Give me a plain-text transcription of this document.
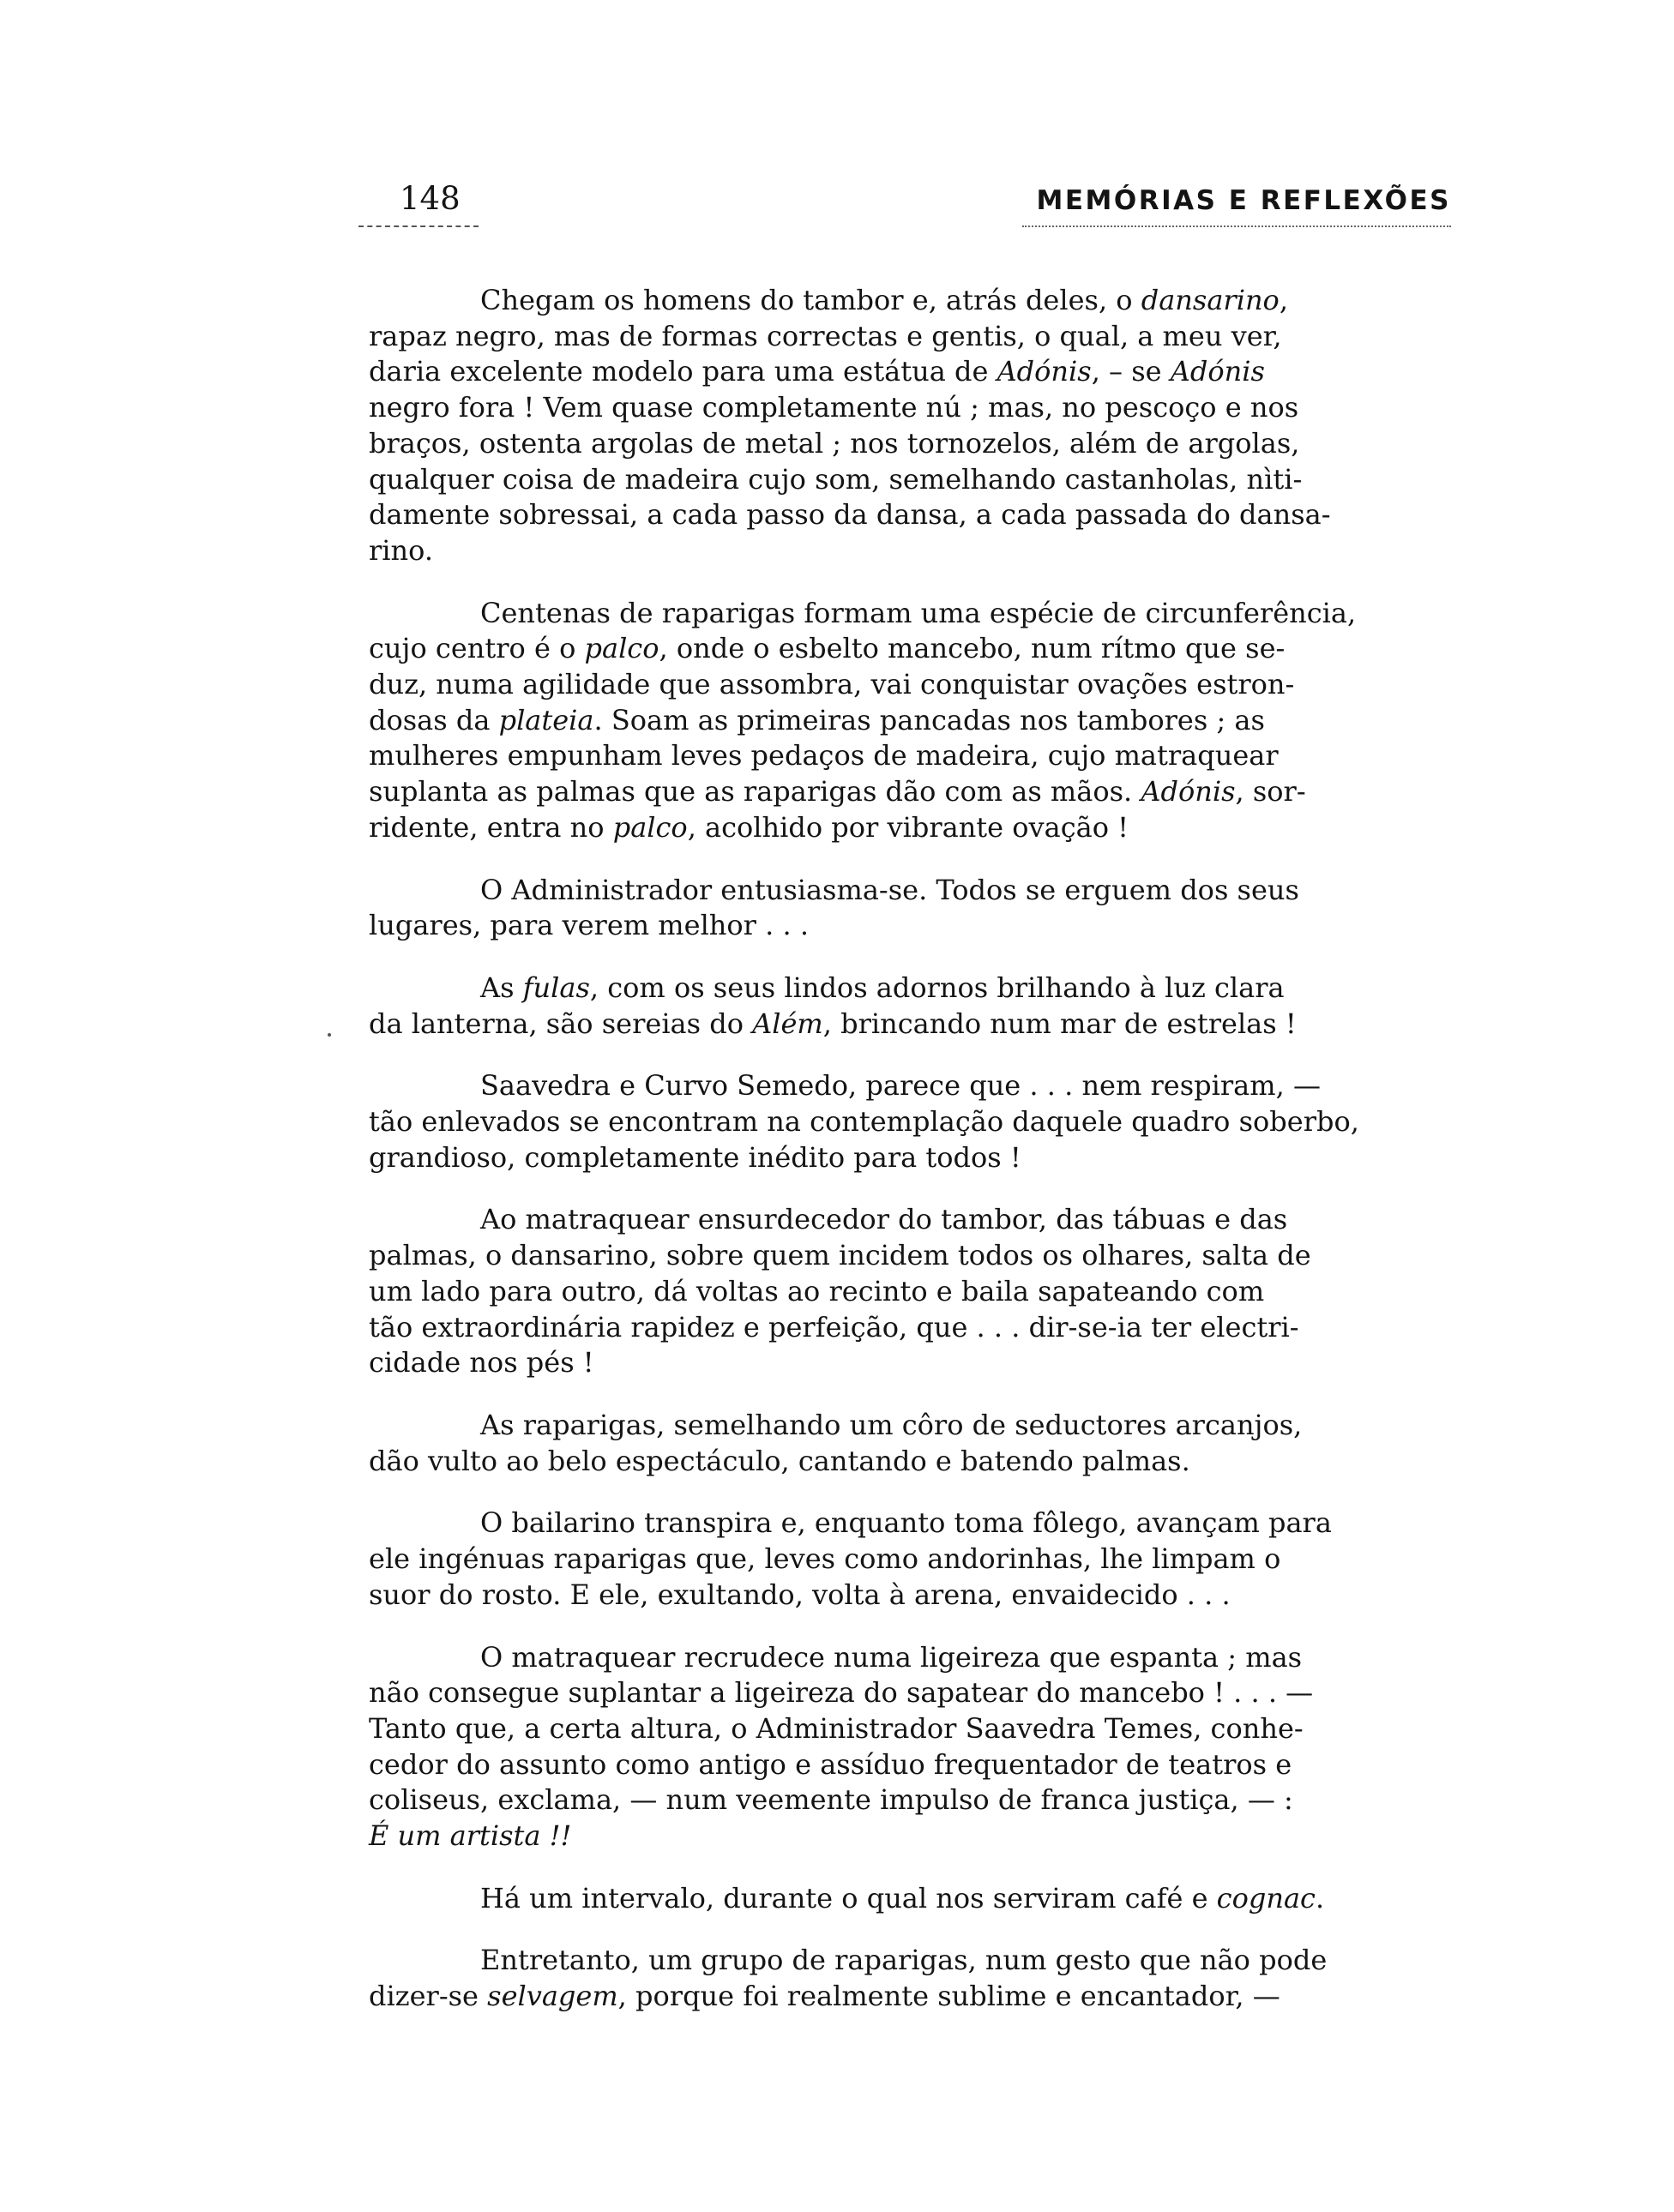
148	MEMÓRIAS E REFLEXÕES

Chegam os homens do tambor e, atrás deles, o dansarino,
rapaz negro, mas de formas correctas e gentis, o qual, a meu ver,
daria excelente modelo para uma estátua de Adónis, – se Adónis
negro fora ! Vem quase completamente nú ; mas, no pescoço e nos
braços, ostenta argolas de metal ; nos tornozelos, além de argolas,
qualquer coisa de madeira cujo som, semelhando castanholas, nìti-
damente sobressai, a cada passo da dansa, a cada passada do dansa-
rino.

Centenas de raparigas formam uma espécie de circunferência,
cujo centro é o palco, onde o esbelto mancebo, num rítmo que se-
duz, numa agilidade que assombra, vai conquistar ovações estron-
dosas da plateia. Soam as primeiras pancadas nos tambores ; as
mulheres empunham leves pedaços de madeira, cujo matraquear
suplanta as palmas que as raparigas dão com as mãos. Adónis, sor-
ridente, entra no palco, acolhido por vibrante ovação !

O Administrador entusiasma-se. Todos se erguem dos seus
lugares, para verem melhor . . .

As fulas, com os seus lindos adornos brilhando à luz clara
da lanterna, são sereias do Além, brincando num mar de estrelas !

Saavedra e Curvo Semedo, parece que . . . nem respiram, —
tão enlevados se encontram na contemplação daquele quadro soberbo,
grandioso, completamente inédito para todos !

Ao matraquear ensurdecedor do tambor, das tábuas e das
palmas, o dansarino, sobre quem incidem todos os olhares, salta de
um lado para outro, dá voltas ao recinto e baila sapateando com
tão extraordinária rapidez e perfeição, que . . . dir-se-ia ter electri-
cidade nos pés !

As raparigas, semelhando um côro de seductores arcanjos,
dão vulto ao belo espectáculo, cantando e batendo palmas.

O bailarino transpira e, enquanto toma fôlego, avançam para
ele ingénuas raparigas que, leves como andorinhas, lhe limpam o
suor do rosto. E ele, exultando, volta à arena, envaidecido . . .

O matraquear recrudece numa ligeireza que espanta ; mas
não consegue suplantar a ligeireza do sapatear do mancebo ! . . . —
Tanto que, a certa altura, o Administrador Saavedra Temes, conhe-
cedor do assunto como antigo e assíduo frequentador de teatros e
coliseus, exclama, — num veemente impulso de franca justiça, — :
É um artista !!

Há um intervalo, durante o qual nos serviram café e cognac.

Entretanto, um grupo de raparigas, num gesto que não pode
dizer-se selvagem, porque foi realmente sublime e encantador, —
